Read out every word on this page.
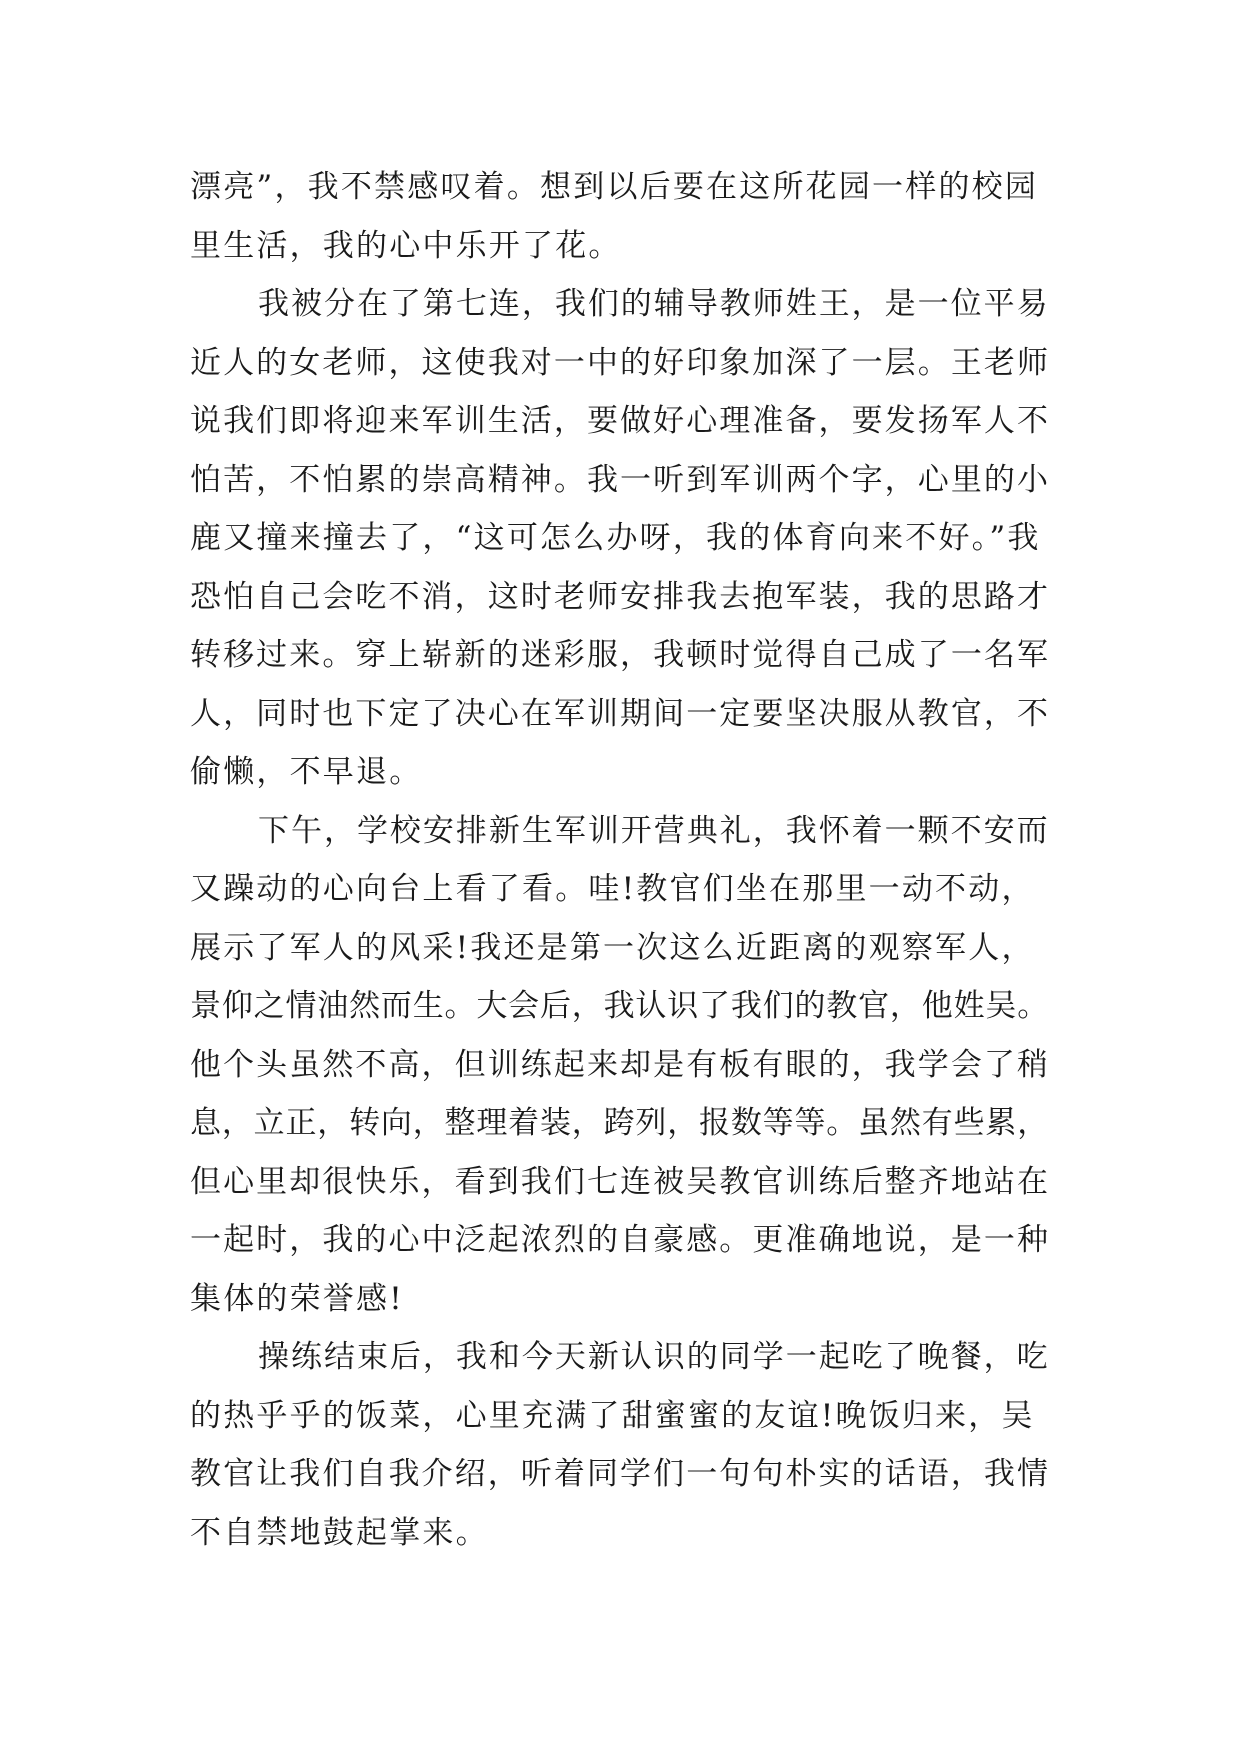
漂亮”，我不禁感叹着。想到以后要在这所花园一样的校园
里生活，我的心中乐开了花。
我被分在了第七连，我们的辅导教师姓王，是一位平易
近人的女老师，这使我对一中的好印象加深了一层。王老师
说我们即将迎来军训生活，要做好心理准备，要发扬军人不
怕苦，不怕累的崇高精神。我一听到军训两个字，心里的小
鹿又撞来撞去了，“这可怎么办呀，我的体育向来不好。”我
恐怕自己会吃不消，这时老师安排我去抱军装，我的思路才
转移过来。穿上崭新的迷彩服，我顿时觉得自己成了一名军
人，同时也下定了决心在军训期间一定要坚决服从教官，不
偷懒，不早退。
下午，学校安排新生军训开营典礼，我怀着一颗不安而
又躁动的心向台上看了看。哇!教官们坐在那里一动不动，
展示了军人的风采!我还是第一次这么近距离的观察军人，
景仰之情油然而生。大会后，我认识了我们的教官，他姓吴。
他个头虽然不高，但训练起来却是有板有眼的，我学会了稍
息，立正，转向，整理着装，跨列，报数等等。虽然有些累，
但心里却很快乐，看到我们七连被吴教官训练后整齐地站在
一起时，我的心中泛起浓烈的自豪感。更准确地说，是一种
集体的荣誉感!
操练结束后，我和今天新认识的同学一起吃了晚餐，吃
的热乎乎的饭菜，心里充满了甜蜜蜜的友谊!晚饭归来，吴
教官让我们自我介绍，听着同学们一句句朴实的话语，我情
不自禁地鼓起掌来。
